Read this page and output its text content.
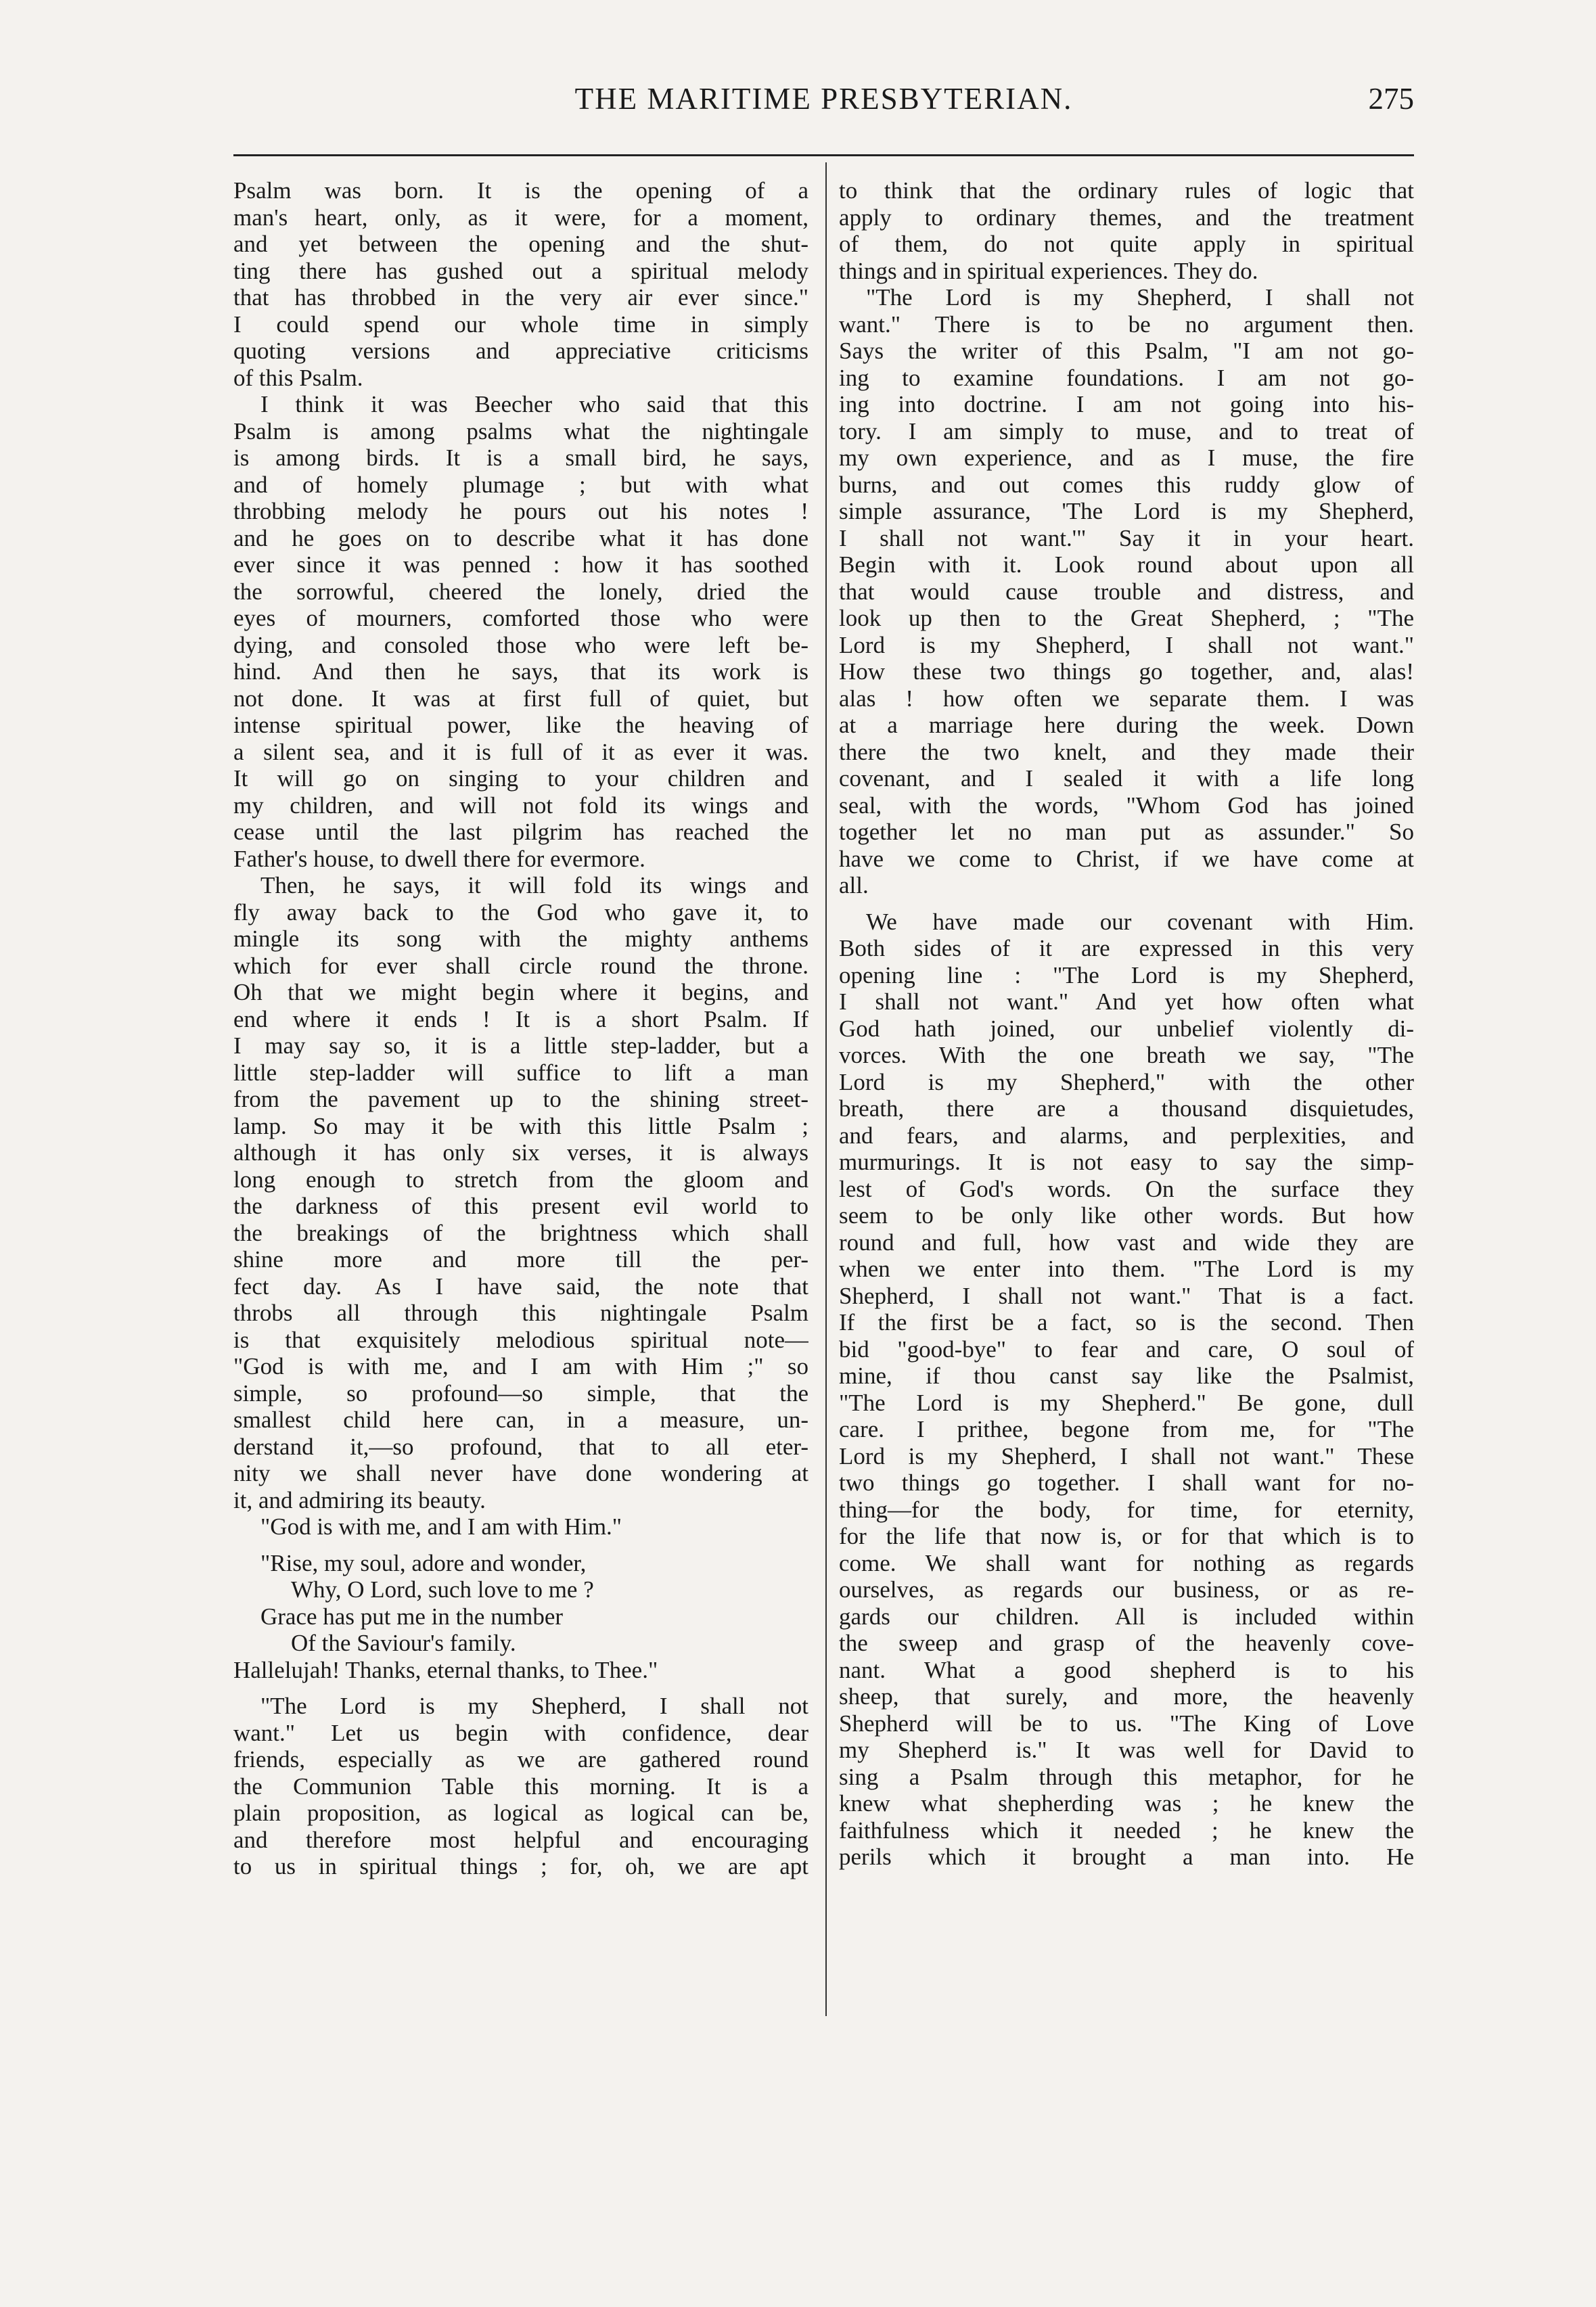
THE MARITIME PRESBYTERIAN.	275
Psalm was born. It is the opening of a
man's heart, only, as it were, for a moment,
and yet between the opening and the shut-
ting there has gushed out a spiritual melody
that has throbbed in the very air ever since."
I could spend our whole time in simply
quoting versions and appreciative criticisms
of this Psalm.
I think it was Beecher who said that this
Psalm is among psalms what the nightingale
is among birds. It is a small bird, he says,
and of homely plumage ; but with what
throbbing melody he pours out his notes !
and he goes on to describe what it has done
ever since it was penned : how it has soothed
the sorrowful, cheered the lonely, dried the
eyes of mourners, comforted those who were
dying, and consoled those who were left be-
hind. And then he says, that its work is
not done. It was at first full of quiet, but
intense spiritual power, like the heaving of
a silent sea, and it is full of it as ever it was.
It will go on singing to your children and
my children, and will not fold its wings and
cease until the last pilgrim has reached the
Father's house, to dwell there for evermore.
Then, he says, it will fold its wings and
fly away back to the God who gave it, to
mingle its song with the mighty anthems
which for ever shall circle round the throne.
Oh that we might begin where it begins, and
end where it ends ! It is a short Psalm. If
I may say so, it is a little step-ladder, but a
little step-ladder will suffice to lift a man
from the pavement up to the shining street-
lamp. So may it be with this little Psalm ;
although it has only six verses, it is always
long enough to stretch from the gloom and
the darkness of this present evil world to
the breakings of the brightness which shall
shine more and more till the per-
fect day. As I have said, the note that
throbs all through this nightingale Psalm
is that exquisitely melodious spiritual note—
"God is with me, and I am with Him ;" so
simple, so profound—so simple, that the
smallest child here can, in a measure, un-
derstand it,—so profound, that to all eter-
nity we shall never have done wondering at
it, and admiring its beauty.
"God is with me, and I am with Him."
"Rise, my soul, adore and wonder,
Why, O Lord, such love to me ?
Grace has put me in the number
Of the Saviour's family.
Hallelujah! Thanks, eternal thanks, to Thee."
"The Lord is my Shepherd, I shall not
want." Let us begin with confidence, dear
friends, especially as we are gathered round
the Communion Table this morning. It is a
plain proposition, as logical as logical can be,
and therefore most helpful and encouraging
to us in spiritual things ; for, oh, we are apt
to think that the ordinary rules of logic that
apply to ordinary themes, and the treatment
of them, do not quite apply in spiritual
things and in spiritual experiences. They do.
"The Lord is my Shepherd, I shall not
want." There is to be no argument then.
Says the writer of this Psalm, "I am not go-
ing to examine foundations. I am not go-
ing into doctrine. I am not going into his-
tory. I am simply to muse, and to treat of
my own experience, and as I muse, the fire
burns, and out comes this ruddy glow of
simple assurance, 'The Lord is my Shepherd,
I shall not want.'" Say it in your heart.
Begin with it. Look round about upon all
that would cause trouble and distress, and
look up then to the Great Shepherd, ; "The
Lord is my Shepherd, I shall not want."
How these two things go together, and, alas!
alas ! how often we separate them. I was
at a marriage here during the week. Down
there the two knelt, and they made their
covenant, and I sealed it with a life long
seal, with the words, "Whom God has joined
together let no man put as assunder." So
have we come to Christ, if we have come at
all.
We have made our covenant with Him.
Both sides of it are expressed in this very
opening line : "The Lord is my Shepherd,
I shall not want." And yet how often what
God hath joined, our unbelief violently di-
vorces. With the one breath we say, "The
Lord is my Shepherd," with the other
breath, there are a thousand disquietudes,
and fears, and alarms, and perplexities, and
murmurings. It is not easy to say the simp-
lest of God's words. On the surface they
seem to be only like other words. But how
round and full, how vast and wide they are
when we enter into them. "The Lord is my
Shepherd, I shall not want." That is a fact.
If the first be a fact, so is the second. Then
bid "good-bye" to fear and care, O soul of
mine, if thou canst say like the Psalmist,
"The Lord is my Shepherd." Be gone, dull
care. I prithee, begone from me, for "The
Lord is my Shepherd, I shall not want." These
two things go together. I shall want for no-
thing—for the body, for time, for eternity,
for the life that now is, or for that which is to
come. We shall want for nothing as regards
ourselves, as regards our business, or as re-
gards our children. All is included within
the sweep and grasp of the heavenly cove-
nant. What a good shepherd is to his
sheep, that surely, and more, the heavenly
Shepherd will be to us. "The King of Love
my Shepherd is." It was well for David to
sing a Psalm through this metaphor, for he
knew what shepherding was ; he knew the
faithfulness which it needed ; he knew the
perils which it brought a man into. He
